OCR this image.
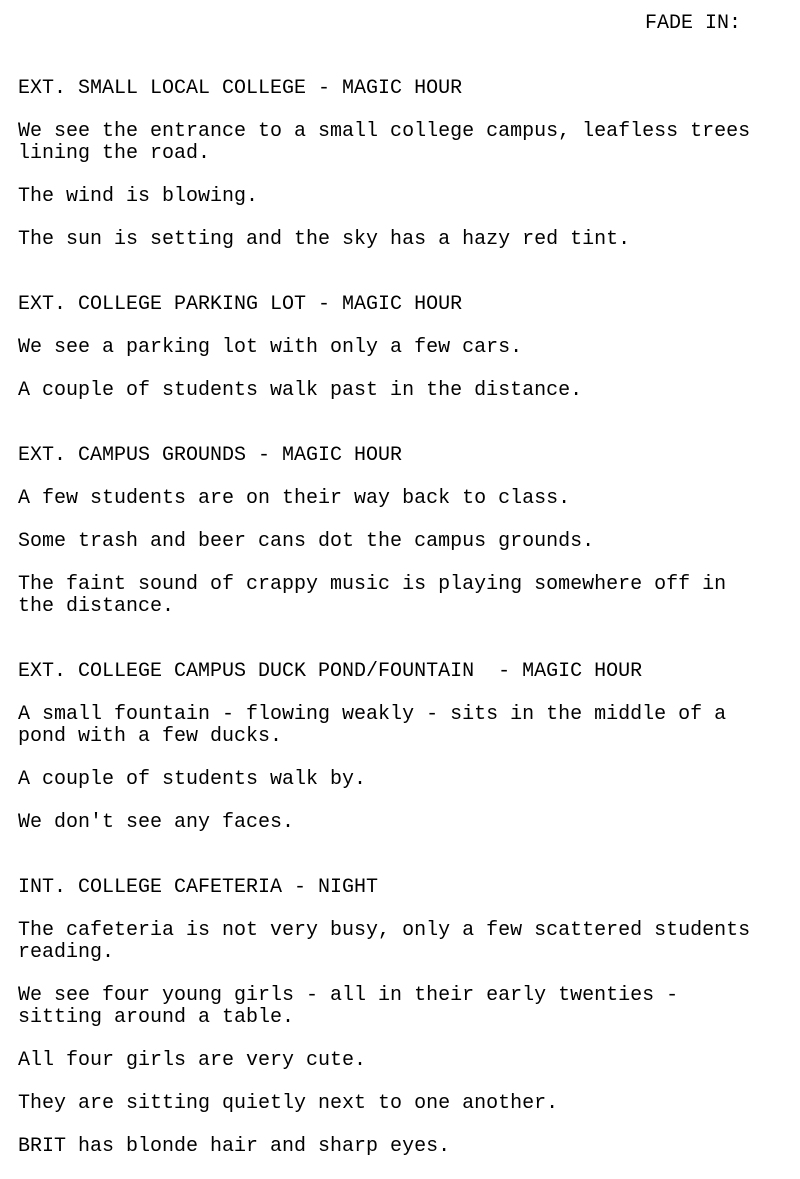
FADE IN:

EXT. SMALL LOCAL COLLEGE - MAGIC HOUR

We see the entrance to a small college campus, leafless trees
lining the road.

The wind is blowing.

The sun is setting and the sky has a hazy red tint.

EXT. COLLEGE PARKING LOT - MAGIC HOUR

We see a parking lot with only a few cars.

A couple of students walk past in the distance.

EXT. CAMPUS GROUNDS - MAGIC HOUR

A few students are on their way back to class.

Some trash and beer cans dot the campus grounds.

The faint sound of crappy music is playing somewhere off in
the distance.

EXT. COLLEGE CAMPUS DUCK POND/FOUNTAIN  - MAGIC HOUR

A small fountain - flowing weakly - sits in the middle of a
pond with a few ducks.

A couple of students walk by.

We don't see any faces.

INT. COLLEGE CAFETERIA - NIGHT

The cafeteria is not very busy, only a few scattered students
reading.

We see four young girls - all in their early twenties -
sitting around a table.

All four girls are very cute.

They are sitting quietly next to one another.

BRIT has blonde hair and sharp eyes.
